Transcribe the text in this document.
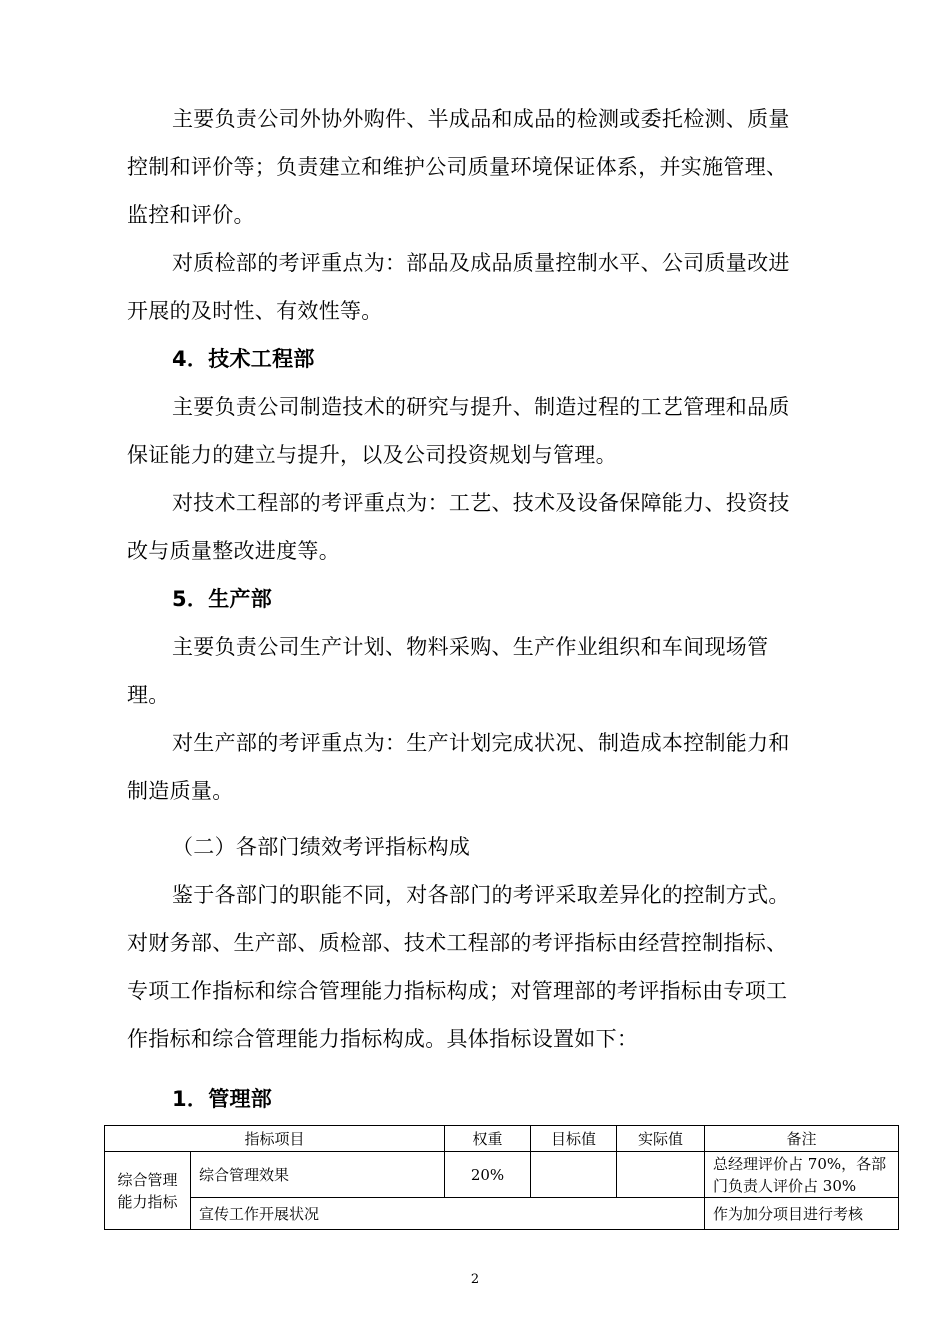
主要负责公司外协外购件、半成品和成品的检测或委托检测、质量
控制和评价等；负责建立和维护公司质量环境保证体系，并实施管理、
监控和评价。
对质检部的考评重点为：部品及成品质量控制水平、公司质量改进
开展的及时性、有效性等。
4．技术工程部
主要负责公司制造技术的研究与提升、制造过程的工艺管理和品质
保证能力的建立与提升，以及公司投资规划与管理。
对技术工程部的考评重点为：工艺、技术及设备保障能力、投资技
改与质量整改进度等。
5．生产部
主要负责公司生产计划、物料采购、生产作业组织和车间现场管
理。
对生产部的考评重点为：生产计划完成状况、制造成本控制能力和
制造质量。
（二）各部门绩效考评指标构成
鉴于各部门的职能不同，对各部门的考评采取差异化的控制方式。
对财务部、生产部、质检部、技术工程部的考评指标由经营控制指标、
专项工作指标和综合管理能力指标构成；对管理部的考评指标由专项工
作指标和综合管理能力指标构成。具体指标设置如下：
1．管理部
指标项目		权重	目标值	实际值	备注
综合管理能力指标	综合管理效果	20%			总经理评价占 70%，各部门负责人评价占 30%
	宣传工作开展状况				作为加分项目进行考核
2
